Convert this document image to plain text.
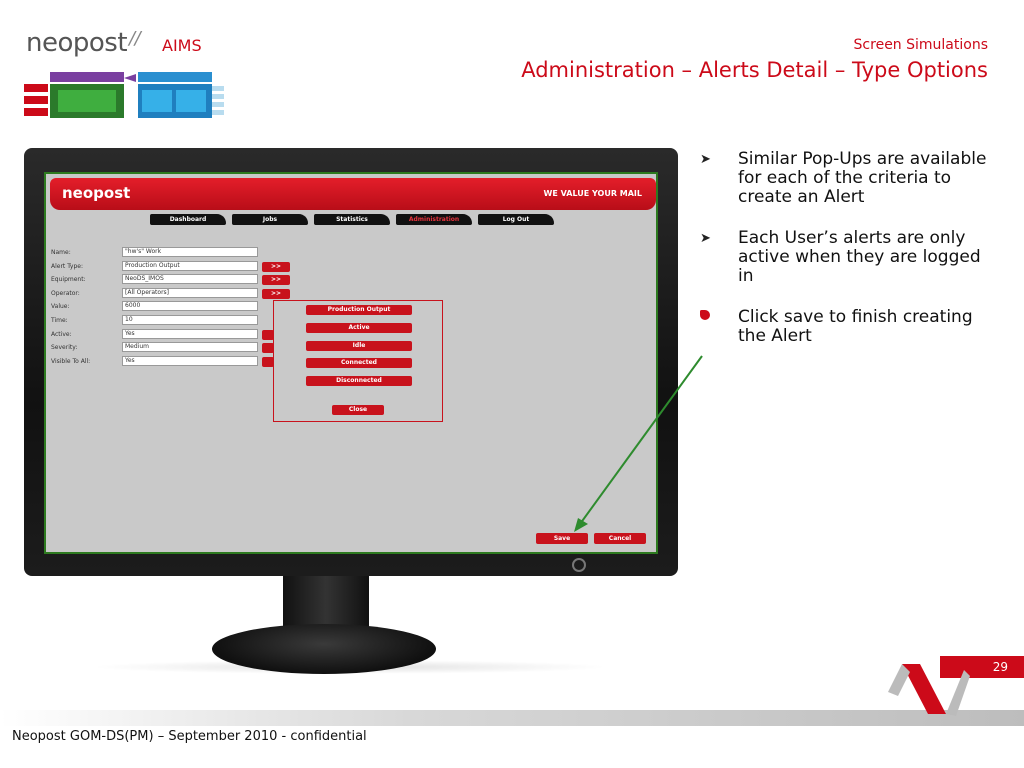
neopost // AIMS	Screen Simulations
Administration – Alerts Detail – Type Options
neopost	WE VALUE YOUR MAIL
Dashboard	Jobs	Statistics	Administration	Log Out
Name:	"hw's" Work
Alert Type:	Production Output	>>
Equipment:	NeoDS_IMOS	>>
Operator:	[All Operators]	>>
Value:	6000
Time:	10
Active:	Yes
Severity:	Medium
Visible To All:	Yes
Production Output
Active
Idle
Connected
Disconnected
Close
Save	Cancel
➤ Similar Pop-Ups are available for each of the criteria to create an Alert
➤ Each User’s alerts are only active when they are logged in
Click save to finish creating the Alert
29
Neopost GOM-DS(PM) – September 2010 - confidential
